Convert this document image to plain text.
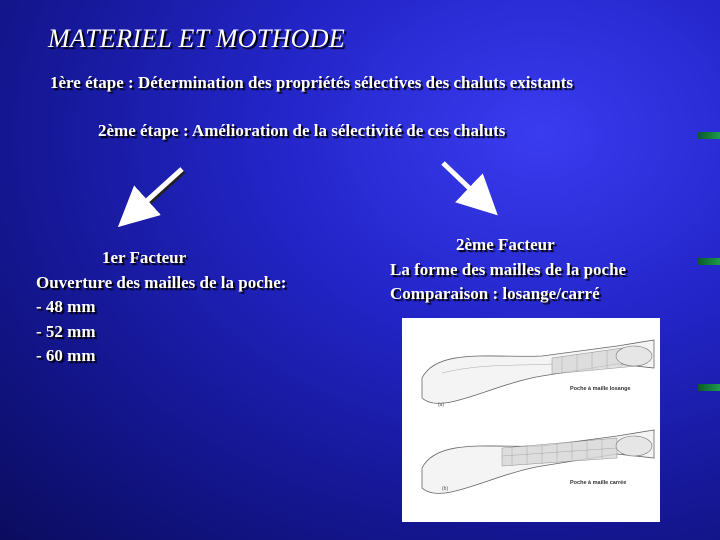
MATERIEL ET MOTHODE
1ère étape : Détermination des propriétés sélectives des chaluts existants
2ème étape : Amélioration de la sélectivité de ces chaluts
1er Facteur
Ouverture des mailles de la poche:
- 48 mm
- 52 mm
- 60 mm
2ème Facteur
La forme des mailles de la poche
Comparaison : losange/carré
Poche à maille losange
(a)
Poche à maille carrée
(b)
